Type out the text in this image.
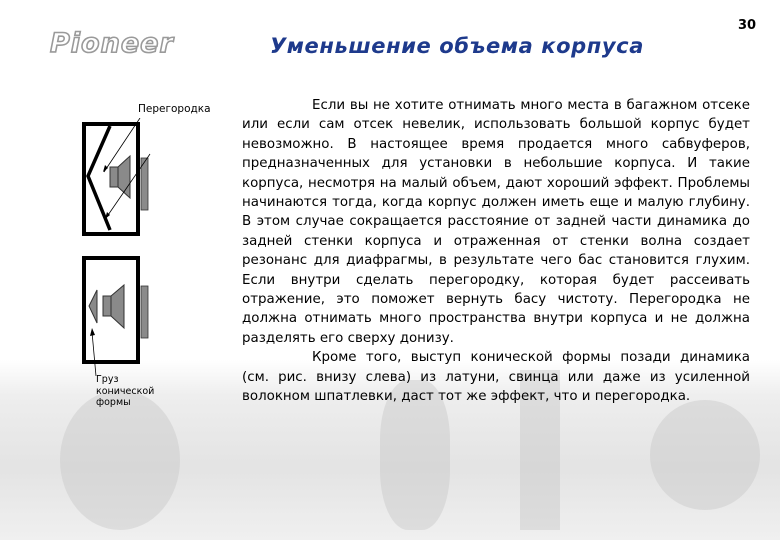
Pioneer	Уменьшение объема корпуса
30
Перегородка
Груз конической формы

Если вы не хотите отнимать много места в багажном отсеке или если сам отсек невелик, использовать большой корпус будет невозможно. В настоящее время продается много сабвуферов, предназначенных для установки в небольшие корпуса. И такие корпуса, несмотря на малый объем, дают хороший эффект. Проблемы начинаются тогда, когда корпус должен иметь еще и малую глубину. В этом случае сокращается расстояние от задней части динамика до задней стенки корпуса и отраженная от стенки волна создает резонанс для диафрагмы, в результате чего бас становится глухим. Если внутри сделать перегородку, которая будет рассеивать отражение, это поможет вернуть басу чистоту. Перегородка не должна отнимать много пространства внутри корпуса и не должна разделять его сверху донизу.

Кроме того, выступ конической формы позади динамика (см. рис. внизу слева) из латуни, свинца или даже из усиленной волокном шпатлевки, даст тот же эффект, что и перегородка.
